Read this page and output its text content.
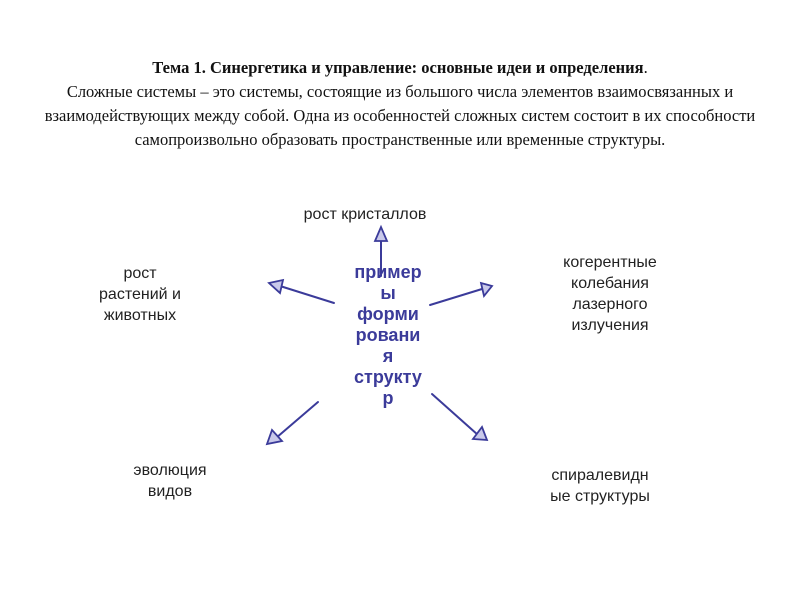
Тема 1. Синергетика и управление: основные идеи и определения.
Сложные системы – это системы, состоящие из большого числа элементов взаимосвязанных и взаимодействующих между собой. Одна из особенностей сложных систем состоит в их способности самопроизвольно образовать пространственные или временные структуры.
пример
ы
форми
ровани
я
структу
р
рост кристаллов
рост
растений и
животных
когерентные
колебания
лазерного
излучения
эволюция
видов
спиралевидн
ые структуры
